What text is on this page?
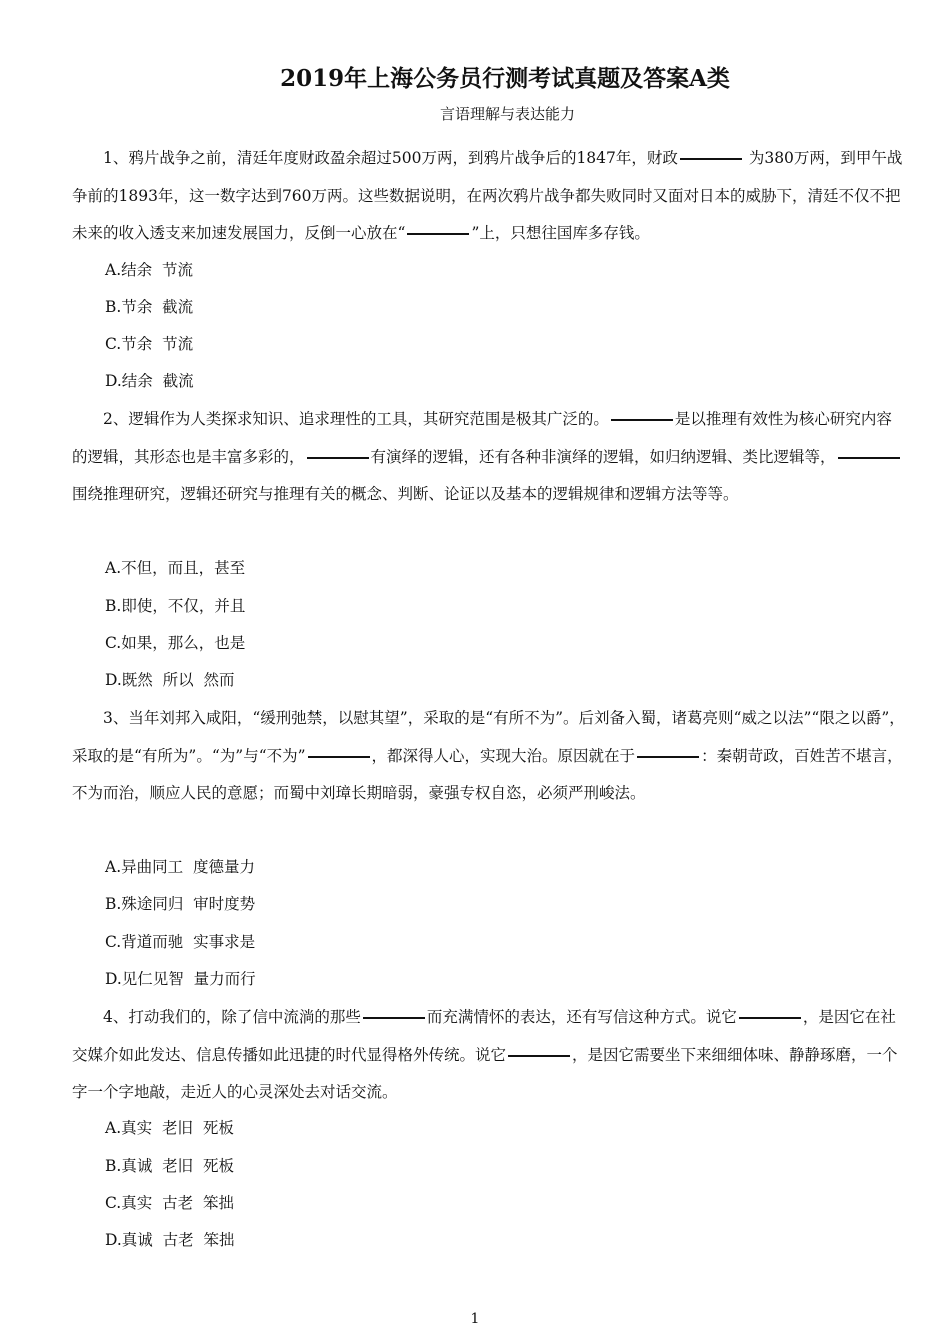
2019年上海公务员行测考试真题及答案A类
言语理解与表达能力
1、鸦片战争之前，清廷年度财政盈余超过500万两，到鸦片战争后的1847年，财政	为380万两，到甲午战争前的1893年，这一数字达到760万两。这些数据说明，在两次鸦片战争都失败同时又面对日本的威胁下，清廷不仅不把未来的收入透支来加速发展国力，反倒一心放在“	”上，只想往国库多存钱。
A.结余  节流
B.节余  截流
C.节余  节流
D.结余  截流
2、逻辑作为人类探求知识、追求理性的工具，其研究范围是极其广泛的。	是以推理有效性为核心研究内容的逻辑，其形态也是丰富多彩的，	有演绎的逻辑，还有各种非演绎的逻辑，如归纳逻辑、类比逻辑等，围绕推理研究，逻辑还研究与推理有关的概念、判断、论证以及基本的逻辑规律和逻辑方法等等。
A.不但，而且，甚至
B.即使，不仅，并且
C.如果，那么，也是
D.既然  所以  然而
3、当年刘邦入咸阳，“缓刑弛禁，以慰其望”，采取的是“有所不为”。后刘备入蜀，诸葛亮则“威之以法”“限之以爵”，采取的是“有所为”。“为”与“不为”	，都深得人心，实现大治。原因就在于	：秦朝苛政，百姓苦不堪言，不为而治，顺应人民的意愿；而蜀中刘璋长期暗弱，豪强专权自恣，必须严刑峻法。
A.异曲同工  度德量力
B.殊途同归  审时度势
C.背道而驰  实事求是
D.见仁见智  量力而行
4、打动我们的，除了信中流淌的那些	而充满情怀的表达，还有写信这种方式。说它	，是因它在社交媒介如此发达、信息传播如此迅捷的时代显得格外传统。说它	，是因它需要坐下来细细体味、静静琢磨，一个字一个字地敲，走近人的心灵深处去对话交流。
A.真实  老旧  死板
B.真诚  老旧  死板
C.真实  古老  笨拙
D.真诚  古老  笨拙
1
